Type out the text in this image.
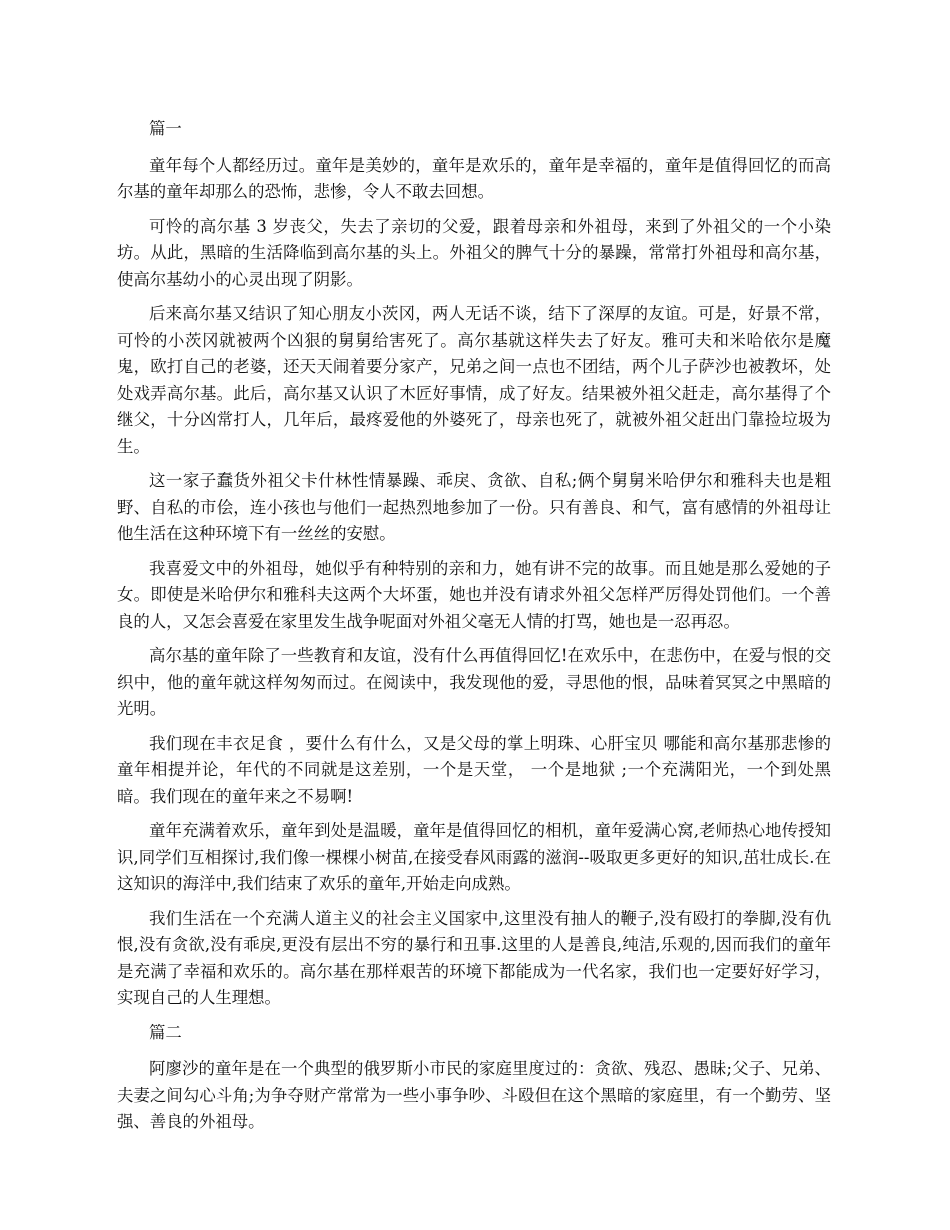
篇一

童年每个人都经历过。童年是美妙的，童年是欢乐的，童年是幸福的，童年是值得回忆的而高尔基的童年却那么的恐怖，悲惨，令人不敢去回想。

可怜的高尔基 3 岁丧父，失去了亲切的父爱，跟着母亲和外祖母，来到了外祖父的一个小染坊。从此，黑暗的生活降临到高尔基的头上。外祖父的脾气十分的暴躁，常常打外祖母和高尔基，使高尔基幼小的心灵出现了阴影。

后来高尔基又结识了知心朋友小茨冈，两人无话不谈，结下了深厚的友谊。可是，好景不常，可怜的小茨冈就被两个凶狠的舅舅给害死了。高尔基就这样失去了好友。雅可夫和米哈依尔是魔鬼，欧打自己的老婆，还天天闹着要分家产，兄弟之间一点也不团结，两个儿子萨沙也被教坏，处处戏弄高尔基。此后，高尔基又认识了木匠好事情，成了好友。结果被外祖父赶走，高尔基得了个继父，十分凶常打人，几年后，最疼爱他的外婆死了，母亲也死了，就被外祖父赶出门靠捡垃圾为生。

这一家子蠢货外祖父卡什林性情暴躁、乖戾、贪欲、自私;俩个舅舅米哈伊尔和雅科夫也是粗野、自私的市侩，连小孩也与他们一起热烈地参加了一份。只有善良、和气，富有感情的外祖母让他生活在这种环境下有一丝丝的安慰。

我喜爱文中的外祖母，她似乎有种特别的亲和力，她有讲不完的故事。而且她是那么爱她的子女。即使是米哈伊尔和雅科夫这两个大坏蛋，她也并没有请求外祖父怎样严厉得处罚他们。一个善良的人，又怎会喜爱在家里发生战争呢面对外祖父毫无人情的打骂，她也是一忍再忍。

高尔基的童年除了一些教育和友谊，没有什么再值得回忆!在欢乐中，在悲伤中，在爱与恨的交织中，他的童年就这样匆匆而过。在阅读中，我发现他的爱，寻思他的恨，品味着冥冥之中黑暗的光明。

我们现在丰衣足食 ，要什么有什么，又是父母的掌上明珠、心肝宝贝 哪能和高尔基那悲惨的童年相提并论，年代的不同就是这差别，一个是天堂， 一个是地狱 ;一个充满阳光，一个到处黑暗。我们现在的童年来之不易啊!

童年充满着欢乐，童年到处是温暖，童年是值得回忆的相机，童年爱满心窝,老师热心地传授知识,同学们互相探讨,我们像一棵棵小树苗,在接受春风雨露的滋润--吸取更多更好的知识,茁壮成长.在这知识的海洋中,我们结束了欢乐的童年,开始走向成熟。

我们生活在一个充满人道主义的社会主义国家中,这里没有抽人的鞭子,没有殴打的拳脚,没有仇恨,没有贪欲,没有乖戾,更没有层出不穷的暴行和丑事.这里的人是善良,纯洁,乐观的,因而我们的童年是充满了幸福和欢乐的。高尔基在那样艰苦的环境下都能成为一代名家，我们也一定要好好学习，实现自己的人生理想。

篇二

阿廖沙的童年是在一个典型的俄罗斯小市民的家庭里度过的：贪欲、残忍、愚昧;父子、兄弟、夫妻之间勾心斗角;为争夺财产常常为一些小事争吵、斗殴但在这个黑暗的家庭里，有一个勤劳、坚强、善良的外祖母。
